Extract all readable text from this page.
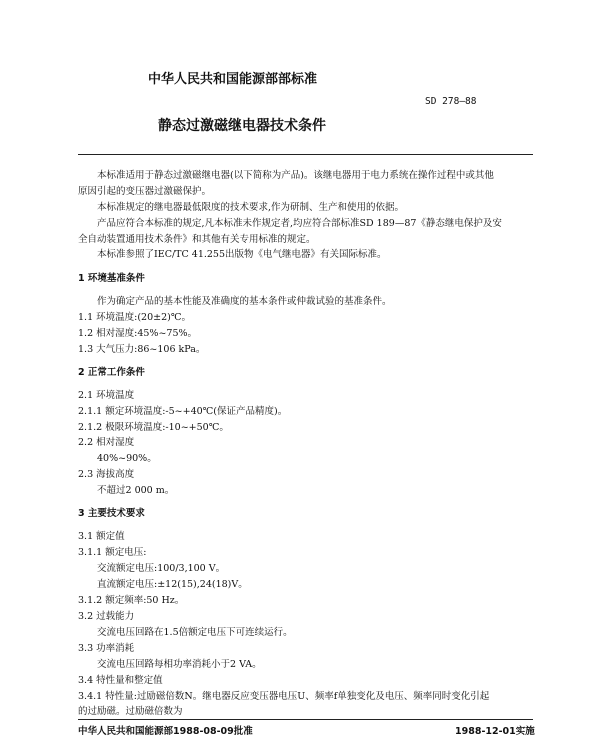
中华人民共和国能源部部标准
SD 278—88
静态过激磁继电器技术条件
本标准适用于静态过激磁继电器(以下简称为产品)。该继电器用于电力系统在操作过程中或其他
原因引起的变压器过激磁保护。
本标准规定的继电器最低限度的技术要求,作为研制、生产和使用的依据。
产品应符合本标准的规定,凡本标准未作规定者,均应符合部标准SD 189—87《静态继电保护及安
全自动装置通用技术条件》和其他有关专用标准的规定。
本标准参照了IEC/TC 41.255出版物《电气继电器》有关国际标准。
1 环境基准条件
作为确定产品的基本性能及准确度的基本条件或仲裁试验的基准条件。
1.1 环境温度:(20±2)℃。
1.2 相对湿度:45%~75%。
1.3 大气压力:86~106 kPa。
2 正常工作条件
2.1 环境温度
2.1.1 额定环境温度:-5~+40℃(保证产品精度)。
2.1.2 极限环境温度:-10~+50℃。
2.2 相对湿度
40%~90%。
2.3 海拔高度
不超过2 000 m。
3 主要技术要求
3.1 额定值
3.1.1 额定电压:
交流额定电压:100/3,100 V。
直流额定电压:±12(15),24(18)V。
3.1.2 额定频率:50 Hz。
3.2 过载能力
交流电压回路在1.5倍额定电压下可连续运行。
3.3 功率消耗
交流电压回路每相功率消耗小于2 VA。
3.4 特性量和整定值
3.4.1 特性量:过励磁倍数N。继电器反应变压器电压U、频率f单独变化及电压、频率同时变化引起
的过励磁。过励磁倍数为
中华人民共和国能源部1988-08-09批准	1988-12-01实施
